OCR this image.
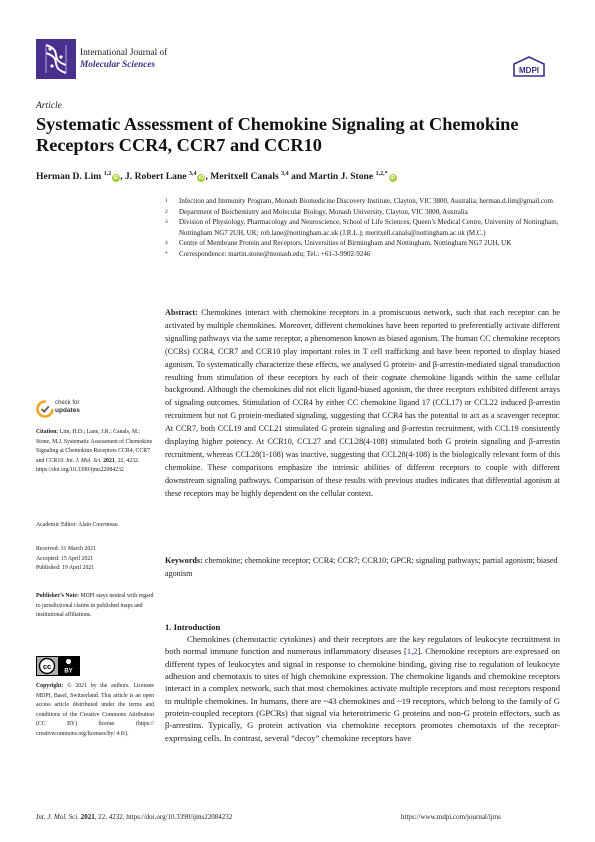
International Journal of
Molecular Sciences
MDPI
Article
Systematic Assessment of Chemokine Signaling at Chemokine Receptors CCR4, CCR7 and CCR10
Herman D. Lim $^{1,2}$iD , J. Robert Lane $^{3,4}$iD , Meritxell Canals $^{3,4}$ and Martin J. Stone $^{1,2,*}$iD
1	Infection and Immunity Program, Monash Biomedicine Discovery Institute, Clayton, VIC 3800, Australia; herman.d.lim@gmail.com
2	Department of Biochemistry and Molecular Biology, Monash University, Clayton, VIC 3800, Australia
3	Division of Physiology, Pharmacology and Neuroscience, School of Life Sciences, Queen’s Medical Centre, University of Nottingham, Nottingham NG7 2UH, UK; rob.lane@nottingham.ac.uk (J.R.L.); meritxell.canals@nottingham.ac.uk (M.C.)
4	Centre of Membrane Protein and Receptors, Universities of Birmingham and Nottingham, Nottingham NG7 2UH, UK
*	Correspondence: martin.stone@monash.edu; Tel.: +61-3-9902-9246
Abstract: Chemokines interact with chemokine receptors in a promiscuous network, such that each receptor can be activated by multiple chemokines. Moreover, different chemokines have been reported to preferentially activate different signalling pathways via the same receptor, a phenomenon known as biased agonism. The human CC chemokine receptors (CCRs) CCR4, CCR7 and CCR10 play important roles in T cell trafficking and have been reported to display biased agonism. To systematically characterize these effects, we analysed G protein- and β-arrestin-mediated signal transduction resulting from stimulation of these receptors by each of their cognate chemokine ligands within the same cellular background. Although the chemokines did not elicit ligand-biased agonism, the three receptors exhibited different arrays of signaling outcomes. Stimulation of CCR4 by either CC chemokine ligand 17 (CCL17) or CCL22 induced β-arrestin recruitment but not G protein-mediated signaling, suggesting that CCR4 has the potential to act as a scavenger receptor. At CCR7, both CCL19 and CCL21 stimulated G protein signaling and β-arrestin recruitment, with CCL19 consistently displaying higher potency. At CCR10, CCL27 and CCL28(4-108) stimulated both G protein signaling and β-arrestin recruitment, whereas CCL28(1-108) was inactive, suggesting that CCL28(4-108) is the biologically relevant form of this chemokine. These comparisons emphasize the intrinsic abilities of different receptors to couple with different downstream signaling pathways. Comparison of these results with previous studies indicates that differential agonism at these receptors may be highly dependent on the cellular context.
Keywords: chemokine; chemokine receptor; CCR4; CCR7; CCR10; GPCR; signaling pathways; partial agonism; biased agonism
check for
updates
Citation: Lim, H.D.; Lane, J.R.; Canals, M.; Stone, M.J. Systematic Assessment of Chemokine Signaling at Chemokine Receptors CCR4, CCR7 and CCR10. Int. J. Mol. Sci. 2021, 22, 4232. https://doi.org/10.3390/ijms22084232
Academic Editor: Alain Couvineau
Received: 31 March 2021
Accepted: 15 April 2021
Published: 19 April 2021
Publisher’s Note: MDPI stays neutral with regard to jurisdictional claims in published maps and institutional affiliations.
cc
BY
Copyright: © 2021 by the authors. Licensee MDPI, Basel, Switzerland. This article is an open access article distributed under the terms and conditions of the Creative Commons Attribution (CC BY) license (https:// creativecommons.org/licenses/by/ 4.0/).
1. Introduction
Chemokines (chemotactic cytokines) and their receptors are the key regulators of leukocyte recruitment in both normal immune function and numerous inflammatory diseases [1,2]. Chemokine receptors are expressed on different types of leukocytes and signal in response to chemokine binding, giving rise to regulation of leukocyte adhesion and chemotaxis to sites of high chemokine expression. The chemokine ligands and chemokine receptors interact in a complex network, such that most chemokines activate multiple receptors and most receptors respond to multiple chemokines. In humans, there are ~43 chemokines and ~19 receptors, which belong to the family of G protein-coupled receptors (GPCRs) that signal via heterotrimeric G proteins and non-G protein effectors, such as β-arrestins. Typically, G protein activation via chemokine receptors promotes chemotaxis of the receptor-expressing cells. In contrast, several “decoy” chemokine receptors have
Int. J. Mol. Sci. 2021, 22, 4232. https://doi.org/10.3390/ijms22084232	https://www.mdpi.com/journal/ijms
